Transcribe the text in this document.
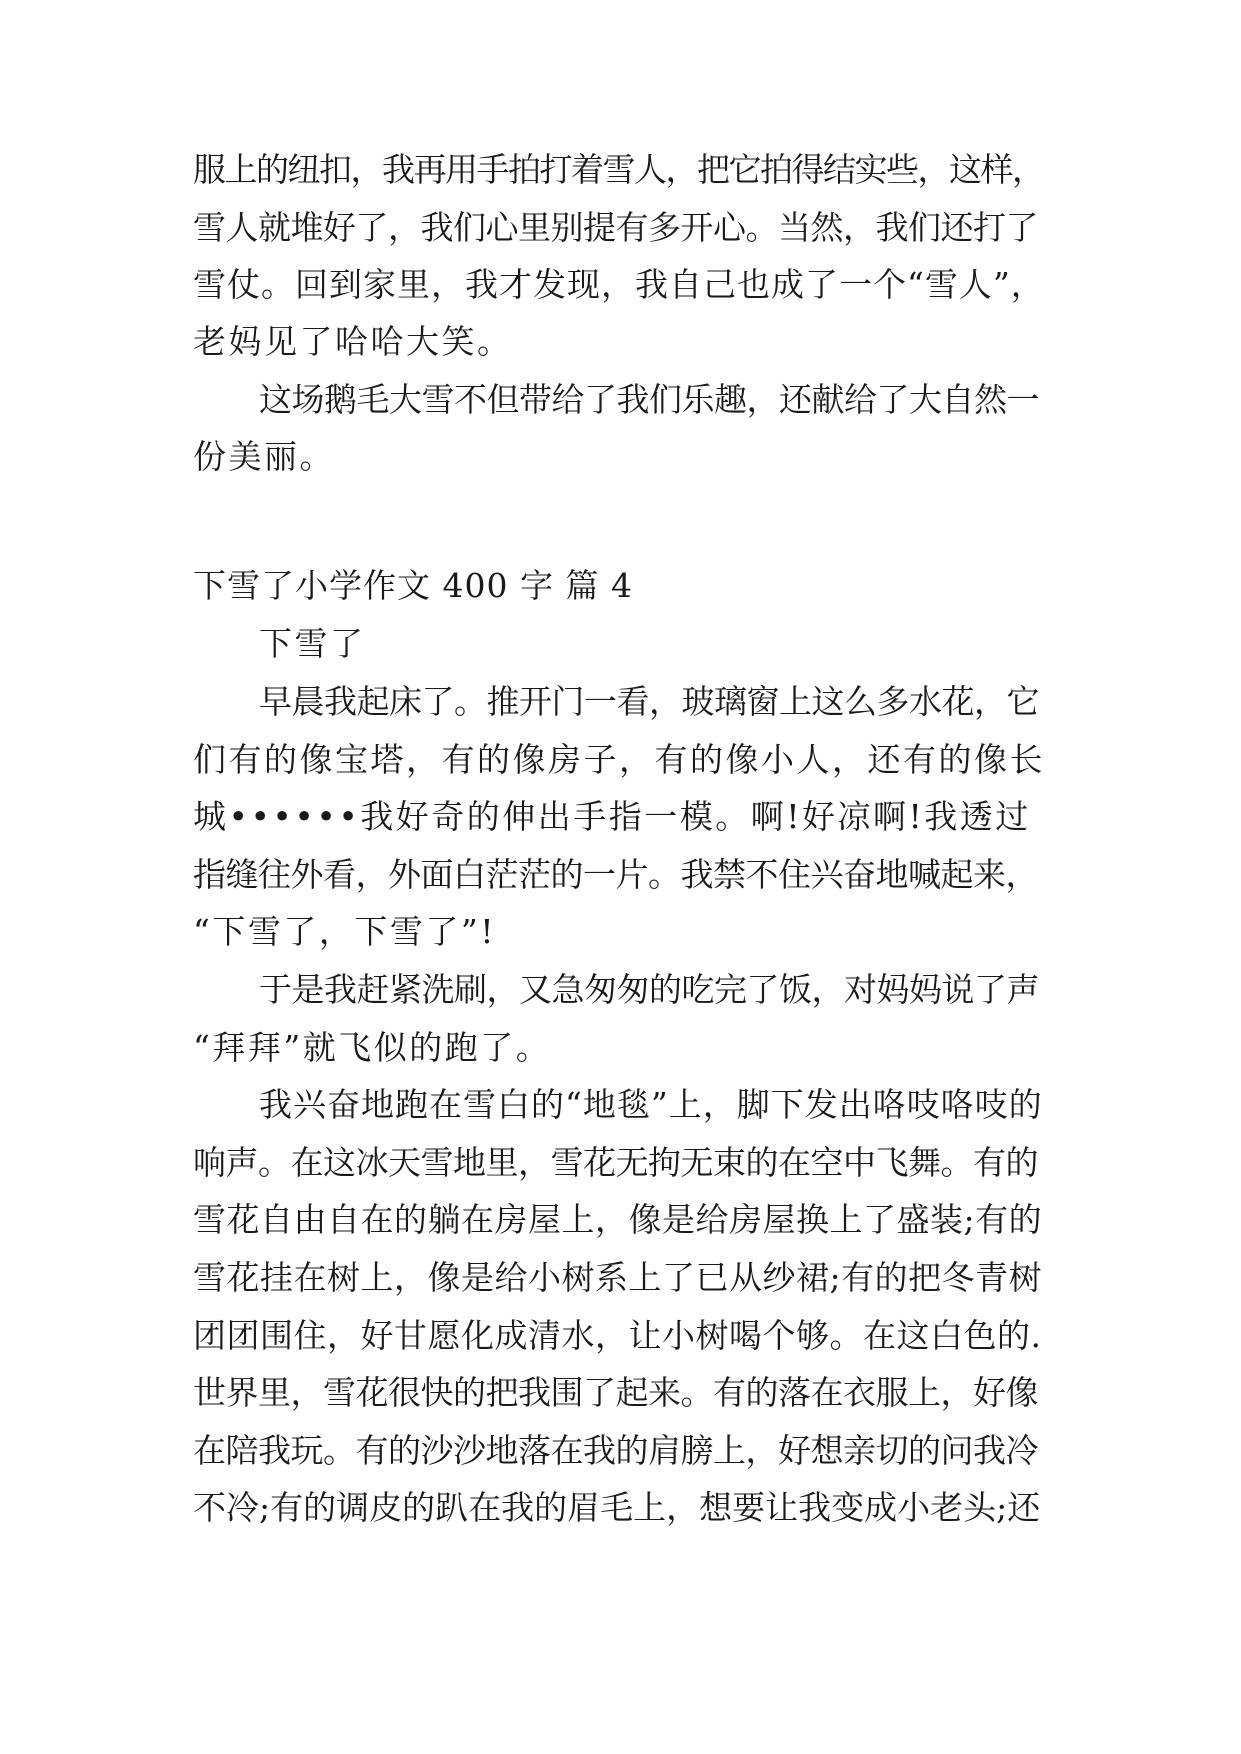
服上的纽扣，我再用手拍打着雪人，把它拍得结实些，这样，
雪人就堆好了，我们心里别提有多开心。当然，我们还打了
雪仗。回到家里，我才发现，我自己也成了一个“雪人”，
老妈见了哈哈大笑。
这场鹅毛大雪不但带给了我们乐趣，还献给了大自然一
份美丽。
下雪了小学作文 400 字 篇 4
下雪了
早晨我起床了。推开门一看，玻璃窗上这么多水花，它
们有的像宝塔，有的像房子，有的像小人，还有的像长
城••••••我好奇的伸出手指一模。啊!好凉啊!我透过
指缝往外看，外面白茫茫的一片。我禁不住兴奋地喊起来，
“下雪了，下雪了”!
于是我赶紧洗刷，又急匆匆的吃完了饭，对妈妈说了声
“拜拜”就飞似的跑了。
我兴奋地跑在雪白的“地毯”上，脚下发出咯吱咯吱的
响声。在这冰天雪地里，雪花无拘无束的在空中飞舞。有的
雪花自由自在的躺在房屋上，像是给房屋换上了盛装;有的
雪花挂在树上，像是给小树系上了已从纱裙;有的把冬青树
团团围住，好甘愿化成清水，让小树喝个够。在这白色的.
世界里，雪花很快的把我围了起来。有的落在衣服上，好像
在陪我玩。有的沙沙地落在我的肩膀上，好想亲切的问我冷
不冷;有的调皮的趴在我的眉毛上，想要让我变成小老头;还
